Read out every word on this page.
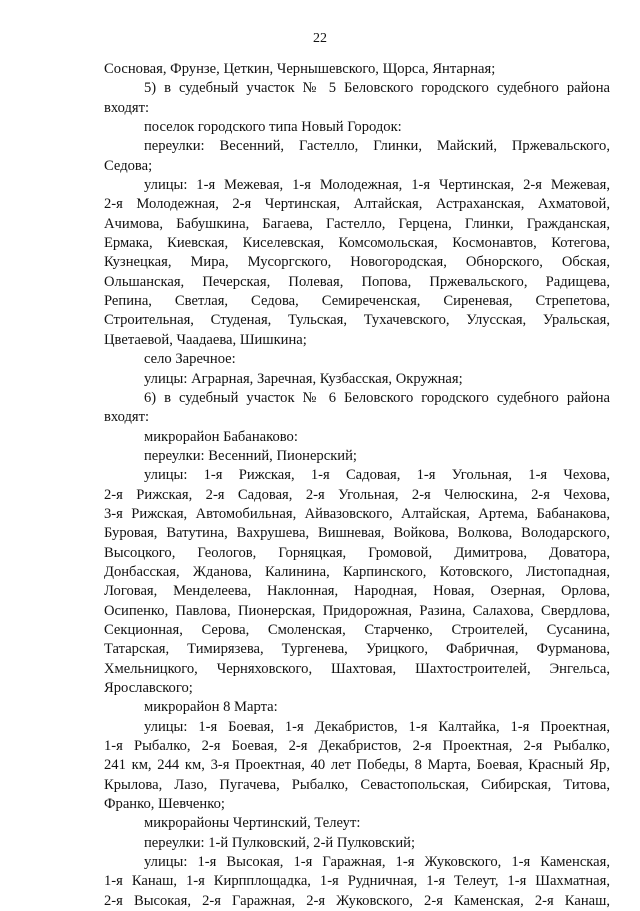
22
Сосновая, Фрунзе, Цеткин, Чернышевского, Щорса, Янтарная;
5) в судебный участок № 5 Беловского городского судебного района
входят:
поселок городского типа Новый Городок:
переулки: Весенний, Гастелло, Глинки, Майский, Пржевальского,
Седова;
улицы: 1-я Межевая, 1-я Молодежная, 1-я Чертинская, 2-я Межевая,
2-я Молодежная, 2-я Чертинская, Алтайская, Астраханская, Ахматовой,
Ачимова, Бабушкина, Багаева, Гастелло, Герцена, Глинки, Гражданская,
Ермака, Киевская, Киселевская, Комсомольская, Космонавтов, Котегова,
Кузнецкая, Мира, Мусоргского, Новогородская, Обнорского, Обская,
Ольшанская, Печерская, Полевая, Попова, Пржевальского, Радищева,
Репина, Светлая, Седова, Семиреченская, Сиреневая, Стрепетова,
Строительная, Студеная, Тульская, Тухачевского, Улусская, Уральская,
Цветаевой, Чаадаева, Шишкина;
село Заречное:
улицы: Аграрная, Заречная, Кузбасская, Окружная;
6) в судебный участок № 6 Беловского городского судебного района
входят:
микрорайон Бабанаково:
переулки: Весенний, Пионерский;
улицы: 1-я Рижская, 1-я Садовая, 1-я Угольная, 1-я Чехова,
2-я Рижская, 2-я Садовая, 2-я Угольная, 2-я Челюскина, 2-я Чехова,
3-я Рижская, Автомобильная, Айвазовского, Алтайская, Артема, Бабанакова,
Буровая, Ватутина, Вахрушева, Вишневая, Войкова, Волкова, Володарского,
Высоцкого, Геологов, Горняцкая, Громовой, Димитрова, Доватора,
Донбасская, Жданова, Калинина, Карпинского, Котовского, Листопадная,
Логовая, Менделеева, Наклонная, Народная, Новая, Озерная, Орлова,
Осипенко, Павлова, Пионерская, Придорожная, Разина, Салахова, Свердлова,
Секционная, Серова, Смоленская, Старченко, Строителей, Сусанина,
Татарская, Тимирязева, Тургенева, Урицкого, Фабричная, Фурманова,
Хмельницкого, Черняховского, Шахтовая, Шахтостроителей, Энгельса,
Ярославского;
микрорайон 8 Марта:
улицы: 1-я Боевая, 1-я Декабристов, 1-я Калтайка, 1-я Проектная,
1-я Рыбалко, 2-я Боевая, 2-я Декабристов, 2-я Проектная, 2-я Рыбалко,
241 км, 244 км, 3-я Проектная, 40 лет Победы, 8 Марта, Боевая, Красный Яр,
Крылова, Лазо, Пугачева, Рыбалко, Севастопольская, Сибирская, Титова,
Франко, Шевченко;
микрорайоны Чертинский, Телеут:
переулки: 1-й Пулковский, 2-й Пулковский;
улицы: 1-я Высокая, 1-я Гаражная, 1-я Жуковского, 1-я Каменская,
1-я Канаш, 1-я Кирпплощадка, 1-я Рудничная, 1-я Телеут, 1-я Шахматная,
2-я Высокая, 2-я Гаражная, 2-я Жуковского, 2-я Каменская, 2-я Канаш,
